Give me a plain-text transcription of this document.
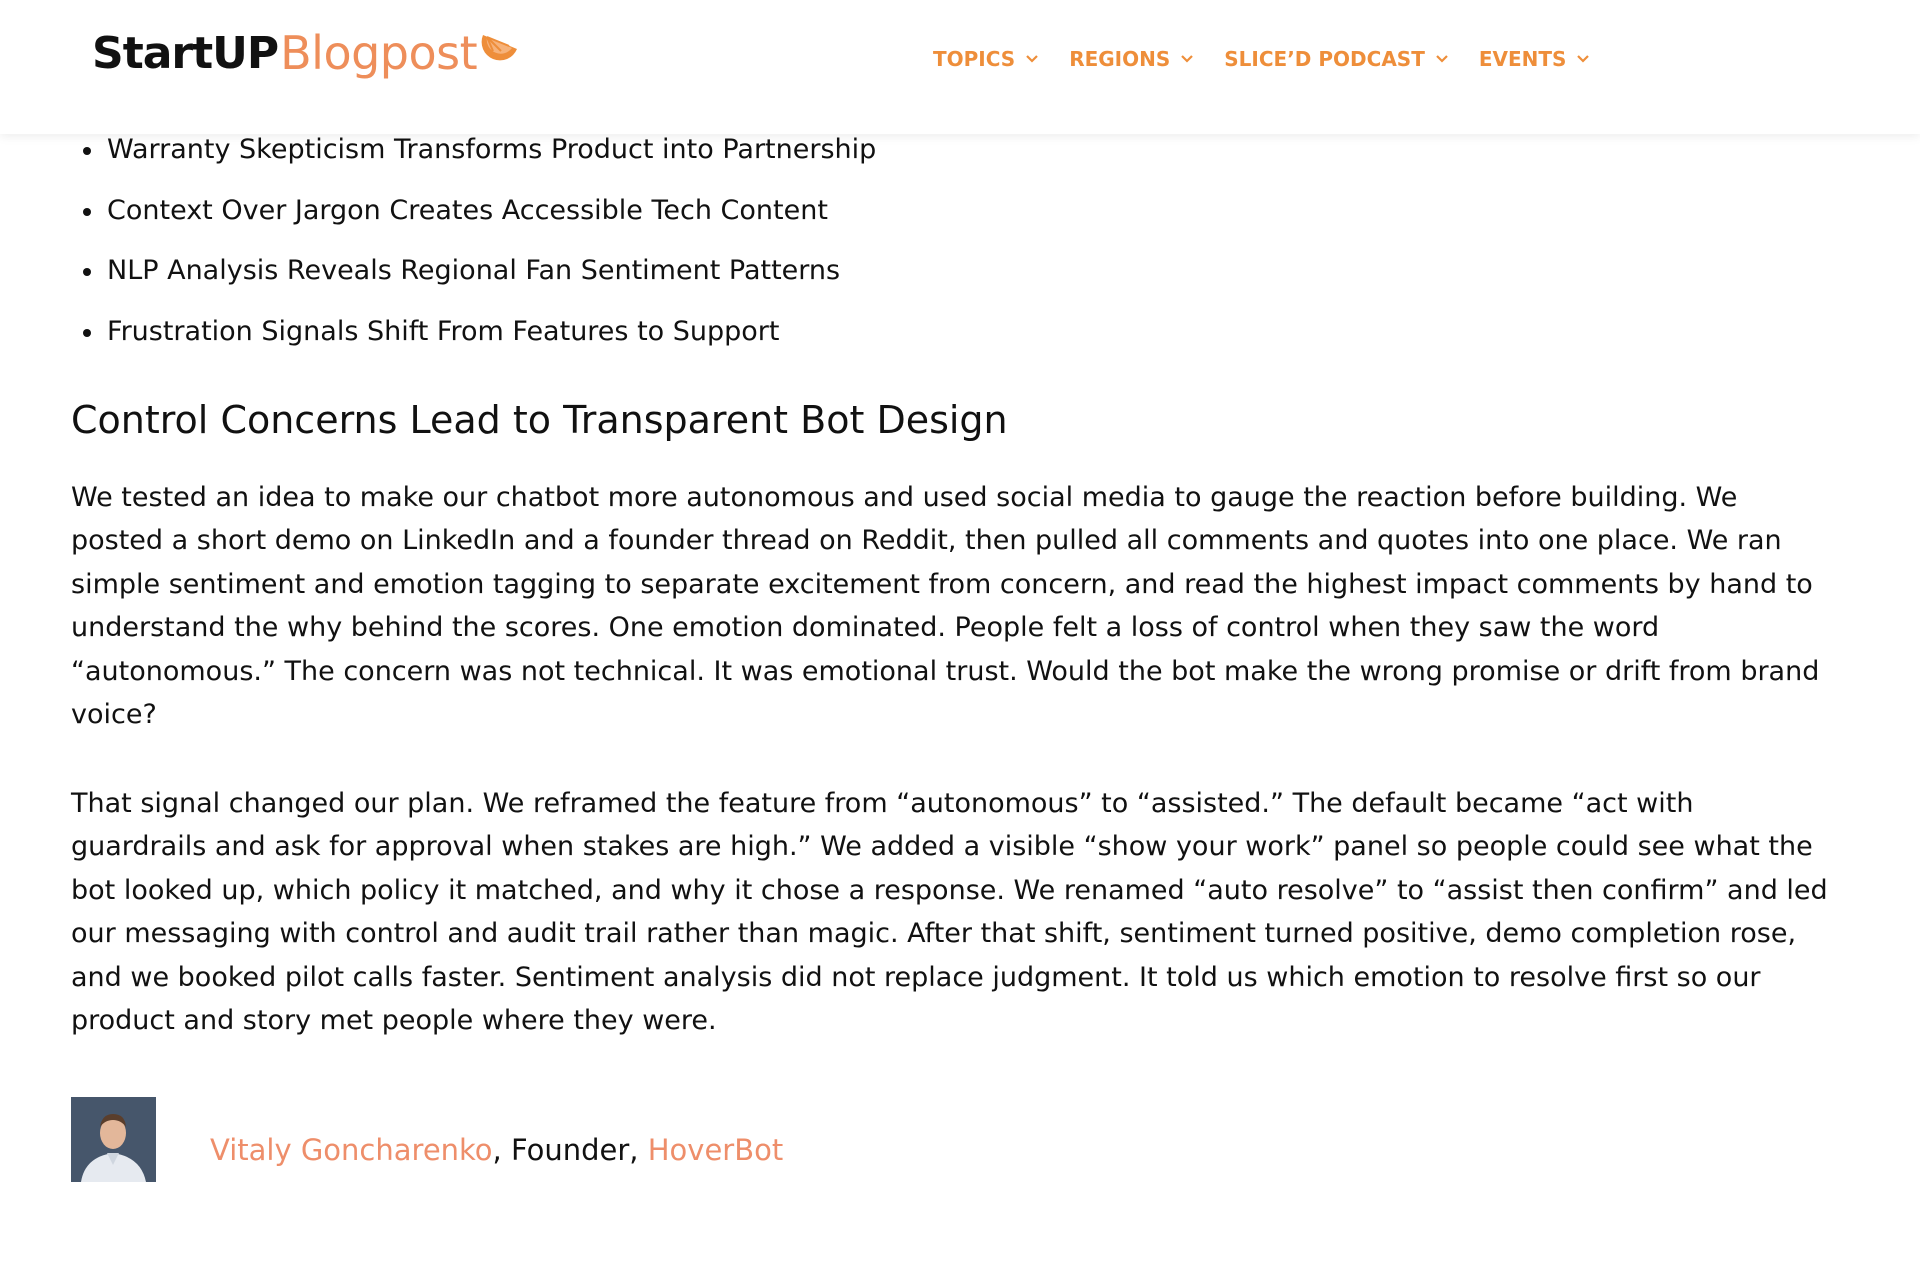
StartUP Blogpost	TOPICS	REGIONS	SLICE’D PODCAST	EVENTS
Warranty Skepticism Transforms Product into Partnership
Context Over Jargon Creates Accessible Tech Content
NLP Analysis Reveals Regional Fan Sentiment Patterns
Frustration Signals Shift From Features to Support
Control Concerns Lead to Transparent Bot Design

We tested an idea to make our chatbot more autonomous and used social media to gauge the reaction before building. We posted a short demo on LinkedIn and a founder thread on Reddit, then pulled all comments and quotes into one place. We ran simple sentiment and emotion tagging to separate excitement from concern, and read the highest impact comments by hand to understand the why behind the scores. One emotion dominated. People felt a loss of control when they saw the word “autonomous.” The concern was not technical. It was emotional trust. Would the bot make the wrong promise or drift from brand voice?

That signal changed our plan. We reframed the feature from “autonomous” to “assisted.” The default became “act with guardrails and ask for approval when stakes are high.” We added a visible “show your work” panel so people could see what the bot looked up, which policy it matched, and why it chose a response. We renamed “auto resolve” to “assist then confirm” and led our messaging with control and audit trail rather than magic. After that shift, sentiment turned positive, demo completion rose, and we booked pilot calls faster. Sentiment analysis did not replace judgment. It told us which emotion to resolve first so our product and story met people where they were.

Vitaly Goncharenko, Founder, HoverBot
